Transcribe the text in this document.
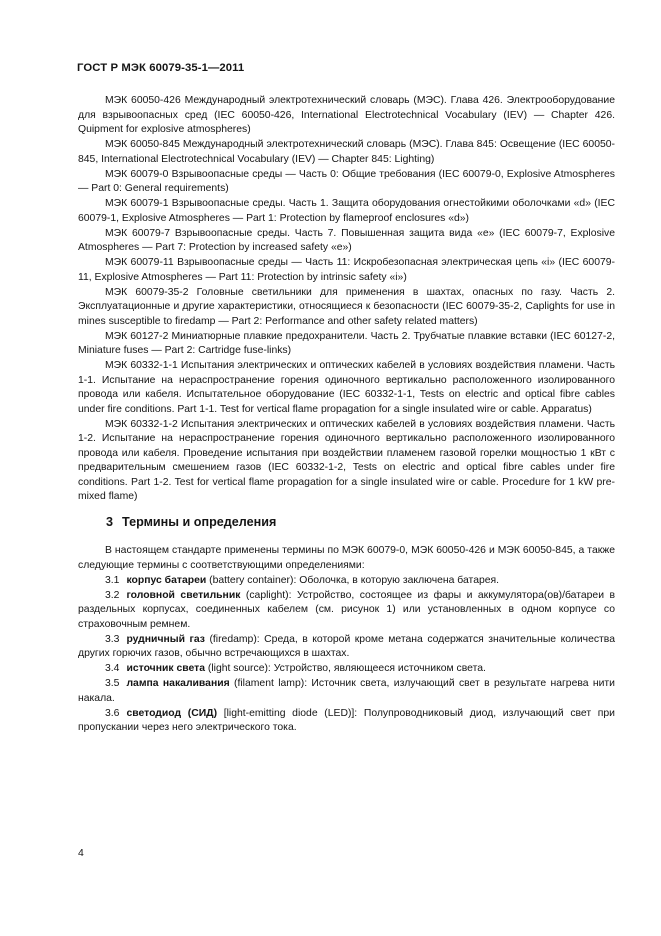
ГОСТ Р МЭК 60079-35-1—2011

МЭК 60050-426 Международный электротехнический словарь (МЭС). Глава 426. Электрооборудование для взрывоопасных сред (IEC 60050-426, International Electrotechnical Vocabulary (IEV) — Chapter 426. Quipment for explosive atmospheres)

МЭК 60050-845 Международный электротехнический словарь (МЭС). Глава 845: Освещение (IEC 60050-845, International Electrotechnical Vocabulary (IEV) — Chapter 845: Lighting)

МЭК 60079-0 Взрывоопасные среды — Часть 0: Общие требования (IEC 60079-0, Explosive Atmospheres — Part 0: General requirements)

МЭК 60079-1 Взрывоопасные среды. Часть 1. Защита оборудования огнестойкими оболочками «d» (IEC 60079-1, Explosive Atmospheres — Part 1: Protection by flameproof enclosures «d»)

МЭК 60079-7 Взрывоопасные среды. Часть 7. Повышенная защита вида «е» (IEC 60079-7, Explosive Atmospheres — Part 7: Protection by increased safety «e»)

МЭК 60079-11 Взрывоопасные среды — Часть 11: Искробезопасная электрическая цепь «i» (IEC 60079-11, Explosive Atmospheres — Part 11: Protection by intrinsic safety «i»)

МЭК 60079-35-2 Головные светильники для применения в шахтах, опасных по газу. Часть 2. Эксплуатационные и другие характеристики, относящиеся к безопасности (IEC 60079-35-2, Caplights for use in mines susceptible to firedamp — Part 2: Performance and other safety related matters)

МЭК 60127-2 Миниатюрные плавкие предохранители. Часть 2. Трубчатые плавкие вставки (IEC 60127-2, Miniature fuses — Part 2: Cartridge fuse-links)

МЭК 60332-1-1 Испытания электрических и оптических кабелей в условиях воздействия пламени. Часть 1-1. Испытание на нераспространение горения одиночного вертикально расположенного изолированного провода или кабеля. Испытательное оборудование (IEC 60332-1-1, Tests on electric and optical fibre cables under fire conditions. Part 1-1. Test for vertical flame propagation for a single insulated wire or cable. Apparatus)

МЭК 60332-1-2 Испытания электрических и оптических кабелей в условиях воздействия пламени. Часть 1-2. Испытание на нераспространение горения одиночного вертикально расположенного изолированного провода или кабеля. Проведение испытания при воздействии пламенем газовой горелки мощностью 1 кВт с предварительным смешением газов (IEC 60332-1-2, Tests on electric and optical fibre cables under fire conditions. Part 1-2. Test for vertical flame propagation for a single insulated wire or cable. Procedure for 1 kW pre-mixed flame)

3 Термины и определения

В настоящем стандарте применены термины по МЭК 60079-0, МЭК 60050-426 и МЭК 60050-845, а также следующие термины с соответствующими определениями:

3.1 корпус батареи (battery container): Оболочка, в которую заключена батарея.

3.2 головной светильник (caplight): Устройство, состоящее из фары и аккумулятора(ов)/батареи в раздельных корпусах, соединенных кабелем (см. рисунок 1) или установленных в одном корпусе со страховочным ремнем.

3.3 рудничный газ (firedamp): Среда, в которой кроме метана содержатся значительные количества других горючих газов, обычно встречающихся в шахтах.

3.4 источник света (light source): Устройство, являющееся источником света.

3.5 лампа накаливания (filament lamp): Источник света, излучающий свет в результате нагрева нити накала.

3.6 светодиод (СИД) [light-emitting diode (LED)]: Полупроводниковый диод, излучающий свет при пропускании через него электрического тока.

4
